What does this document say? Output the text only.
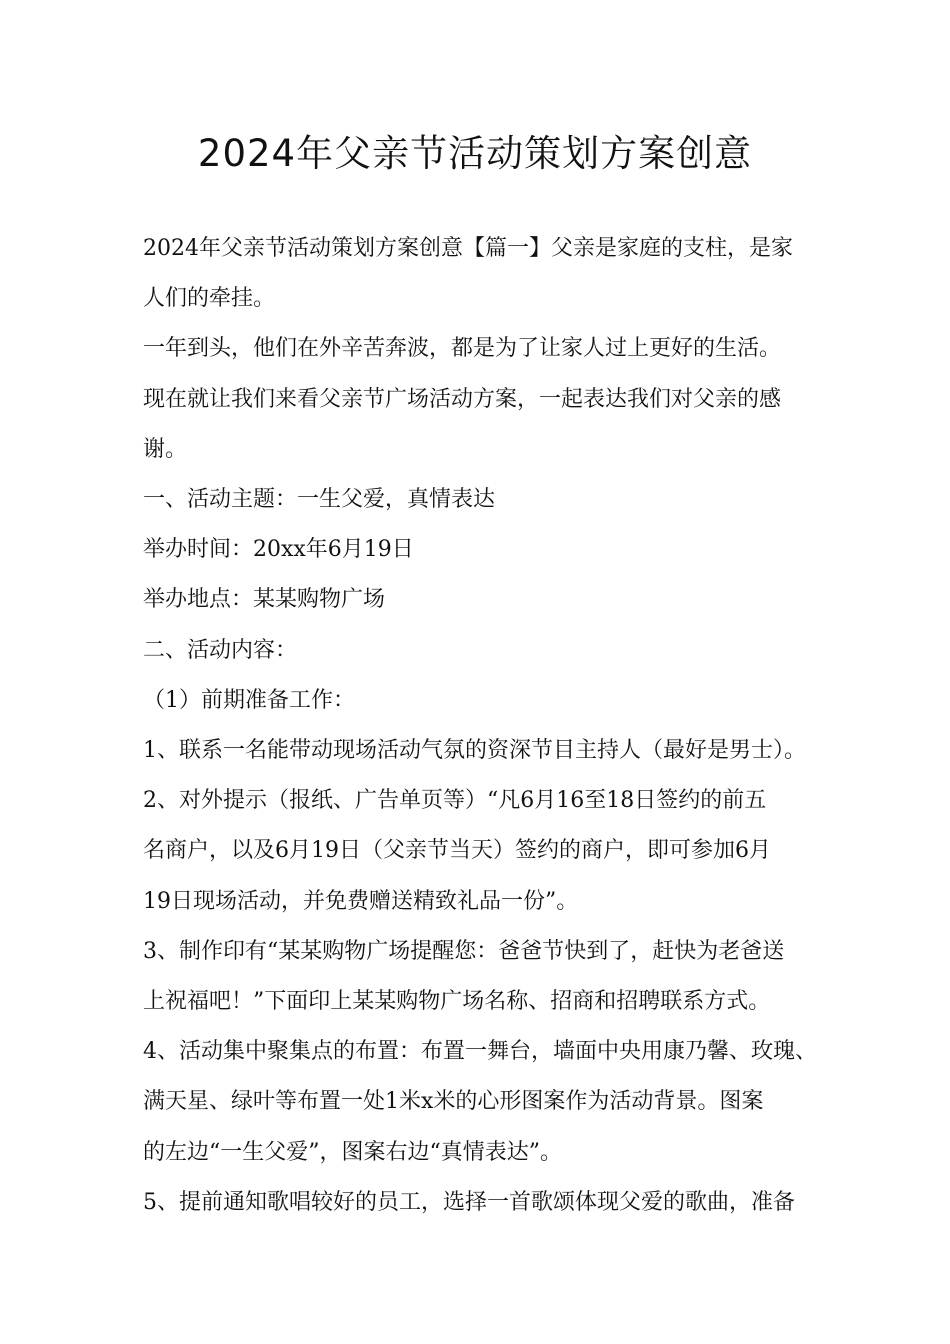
2024年父亲节活动策划方案创意

2024年父亲节活动策划方案创意【篇一】父亲是家庭的支柱，是家

人们的牵挂。

一年到头，他们在外辛苦奔波，都是为了让家人过上更好的生活。

现在就让我们来看父亲节广场活动方案，一起表达我们对父亲的感

谢。

一、活动主题：一生父爱，真情表达

举办时间：20xx年6月19日

举办地点：某某购物广场

二、活动内容：

（1）前期准备工作：

1、联系一名能带动现场活动气氛的资深节目主持人（最好是男士）。

2、对外提示（报纸、广告单页等）“凡6月16至18日签约的前五

名商户，以及6月19日（父亲节当天）签约的商户，即可参加6月

19日现场活动，并免费赠送精致礼品一份”。

3、制作印有“某某购物广场提醒您：爸爸节快到了，赶快为老爸送

上祝福吧！”下面印上某某购物广场名称、招商和招聘联系方式。

4、活动集中聚集点的布置：布置一舞台，墙面中央用康乃馨、玫瑰、

满天星、绿叶等布置一处1米x米的心形图案作为活动背景。图案

的左边“一生父爱”，图案右边“真情表达”。

5、提前通知歌唱较好的员工，选择一首歌颂体现父爱的歌曲，准备
